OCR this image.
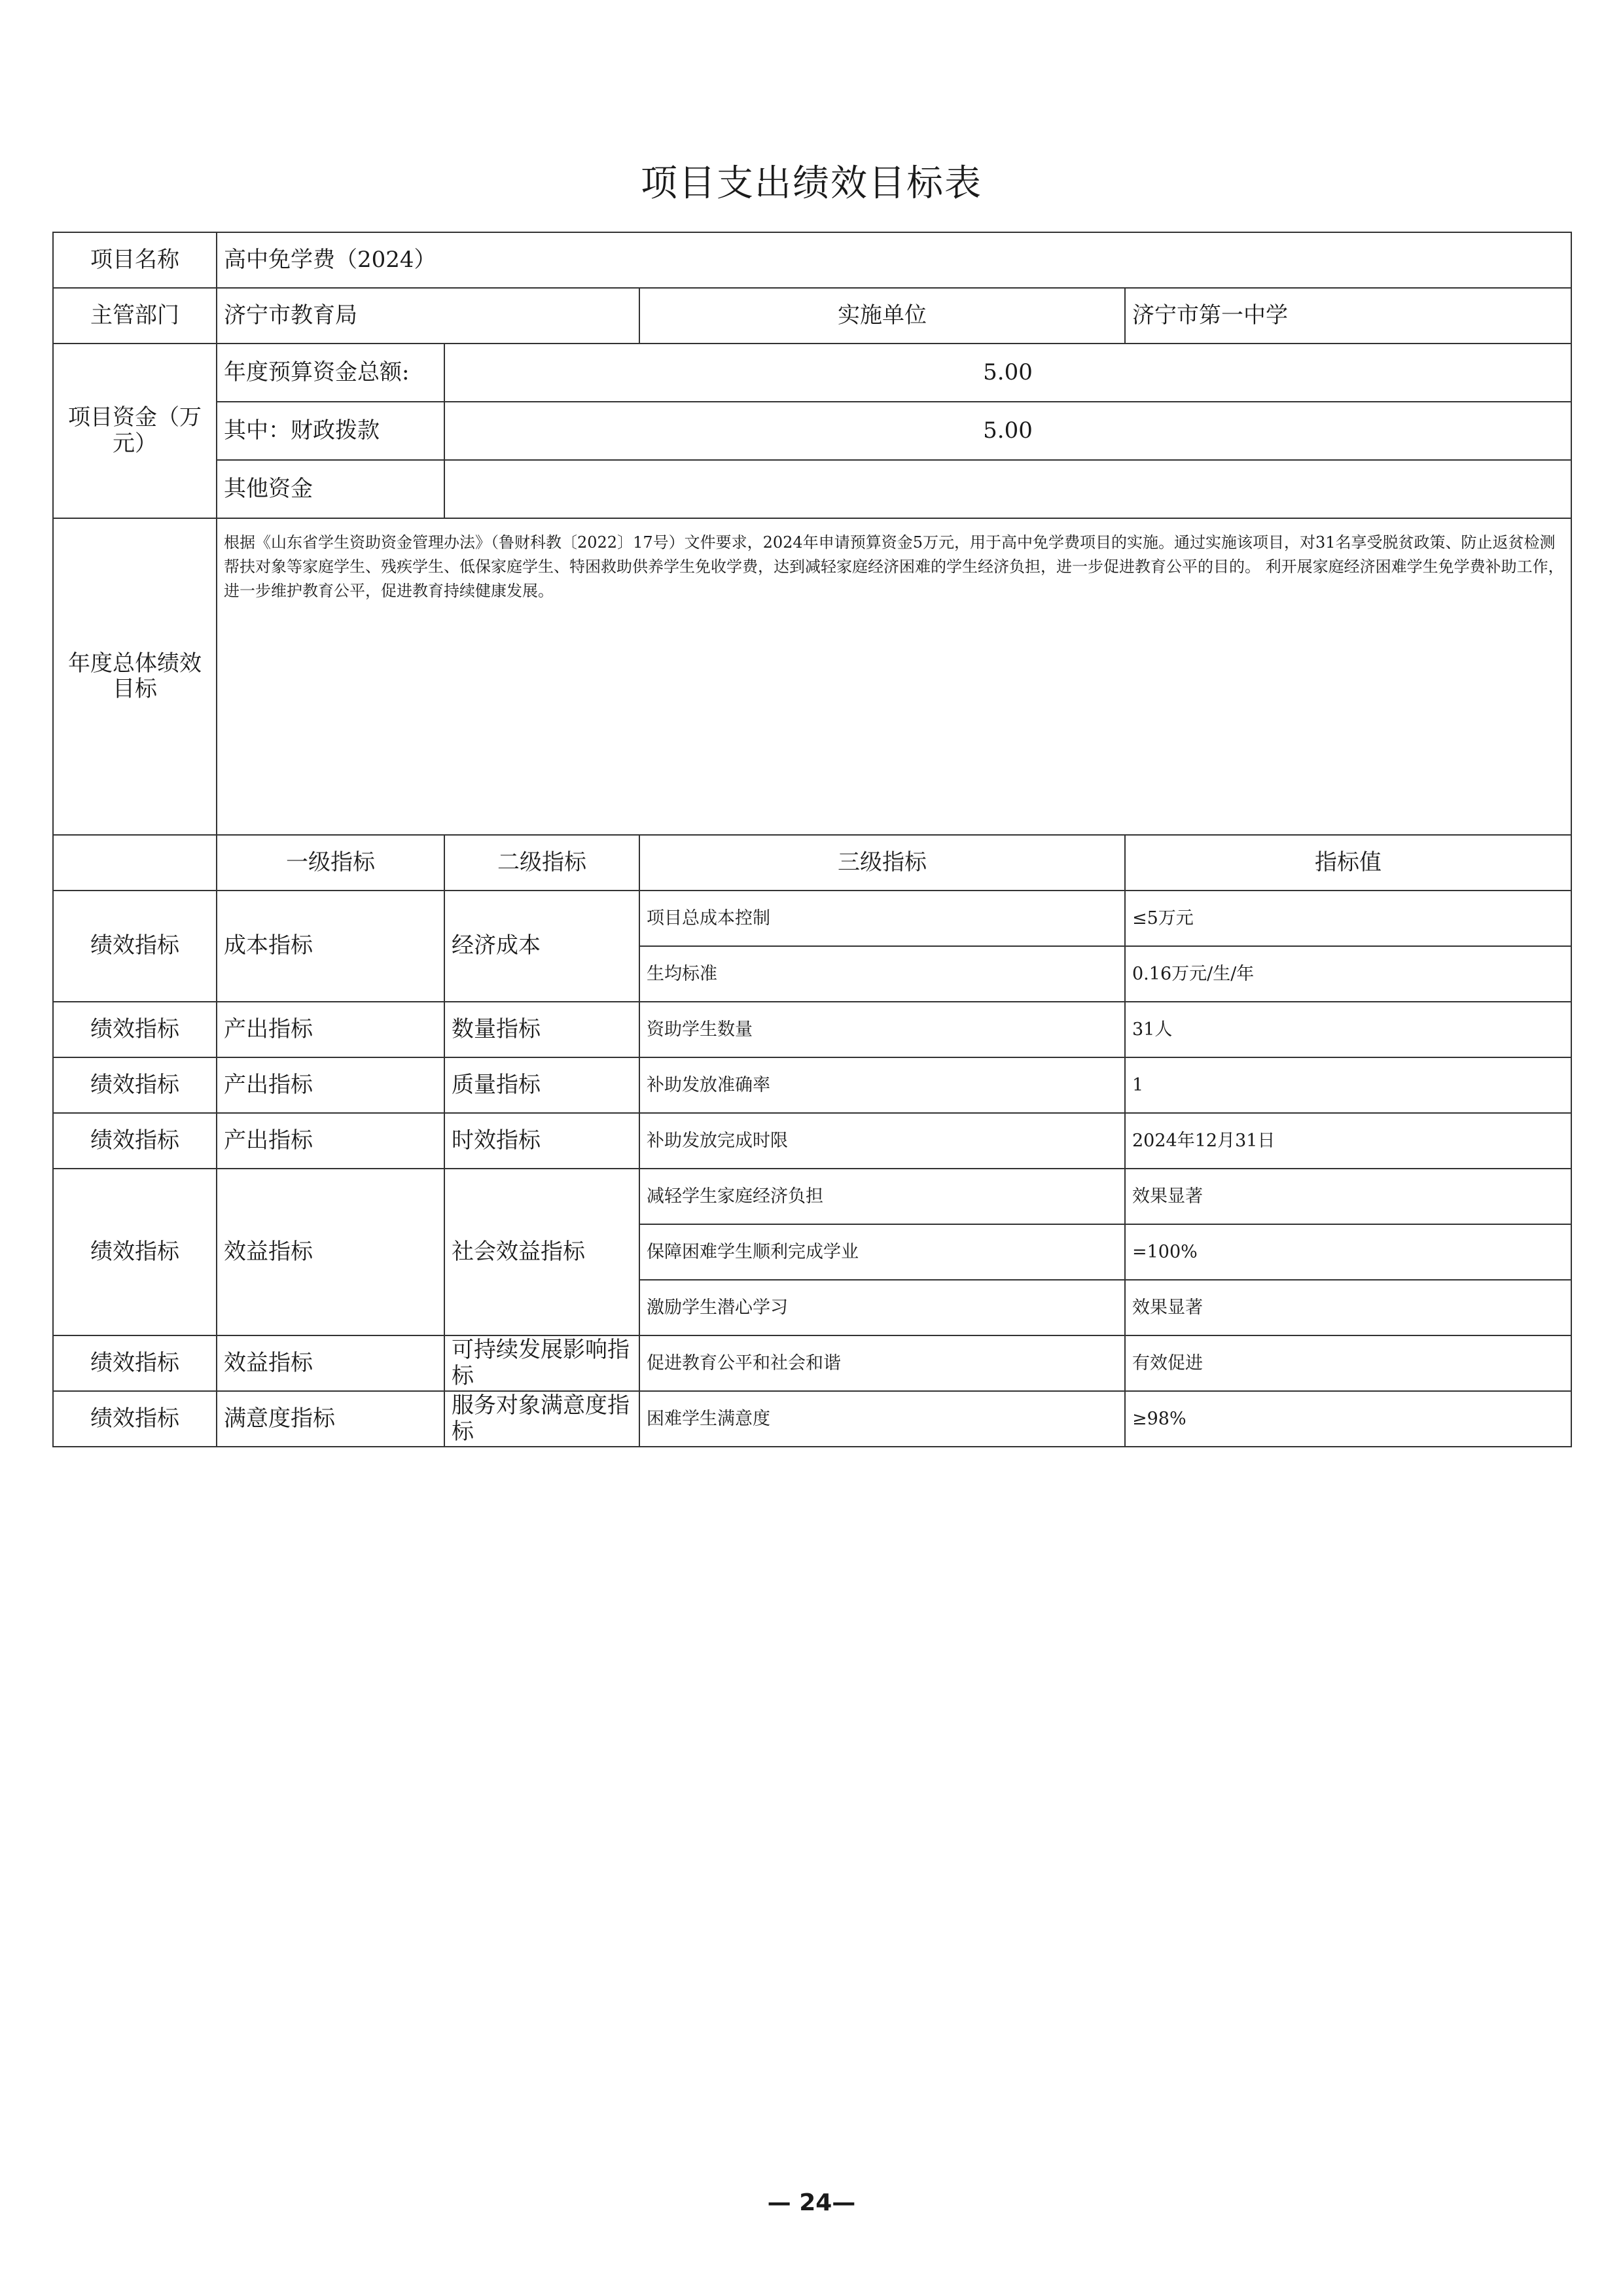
项目支出绩效目标表
项目名称	高中免学费（2024）			
主管部门	济宁市教育局		实施单位	济宁市第一中学
项目资金（万元）	年度预算资金总额:	5.00		
	其中：财政拨款	5.00		
	其他资金			
年度总体绩效目标	根据《山东省学生资助资金管理办法》（鲁财科教〔2022〕17号）文件要求，2024年申请预算资金5万元，用于高中免学费项目的实施。通过实施该项目，对31名享受脱贫政策、防止返贫检测帮扶对象等家庭学生、残疾学生、低保家庭学生、特困救助供养学生免收学费，达到减轻家庭经济困难的学生经济负担，进一步促进教育公平的目的。 利开展家庭经济困难学生免学费补助工作，进一步维护教育公平，促进教育持续健康发展。			
	一级指标	二级指标	三级指标	指标值
绩效指标	成本指标	经济成本	项目总成本控制	≤5万元
			生均标准	0.16万元/生/年
绩效指标	产出指标	数量指标	资助学生数量	31人
绩效指标	产出指标	质量指标	补助发放准确率	1
绩效指标	产出指标	时效指标	补助发放完成时限	2024年12月31日
绩效指标	效益指标	社会效益指标	减轻学生家庭经济负担	效果显著
			保障困难学生顺利完成学业	=100%
			激励学生潜心学习	效果显著
绩效指标	效益指标	可持续发展影响指标	促进教育公平和社会和谐	有效促进
绩效指标	满意度指标	服务对象满意度指标	困难学生满意度	≥98%
— 24—
